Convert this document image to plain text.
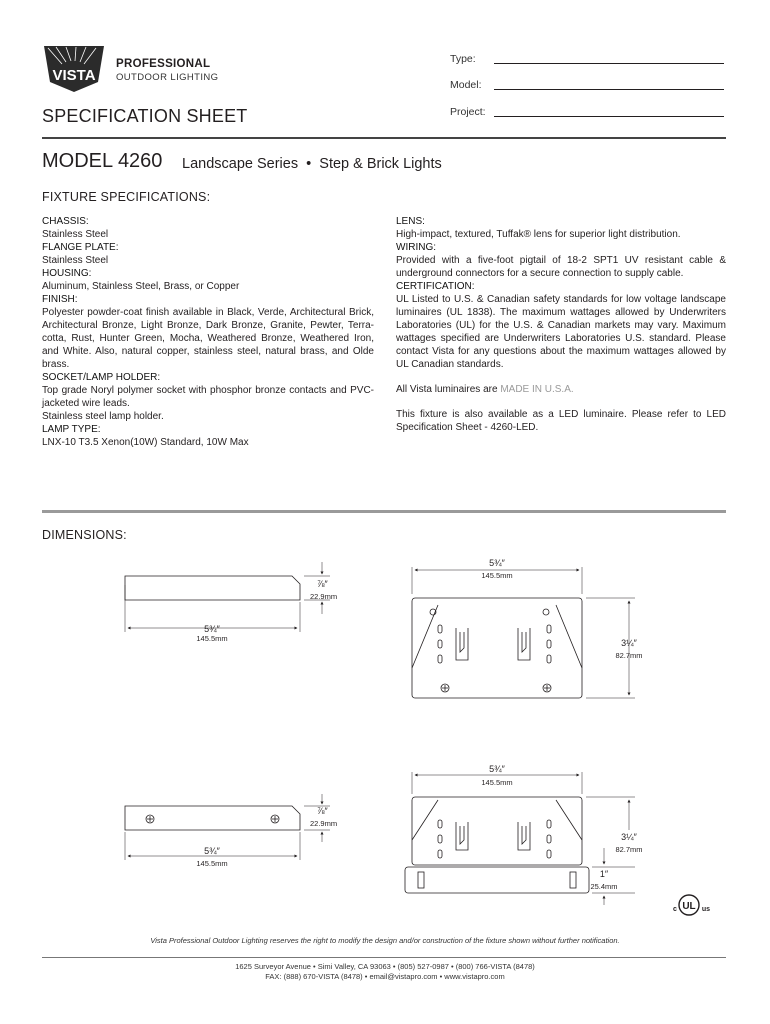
VISTA
PROFESSIONAL
OUTDOOR LIGHTING
Type:
Model:
Project:
SPECIFICATION SHEET
MODEL 4260 Landscape Series  •  Step & Brick Lights
FIXTURE SPECIFICATIONS:

CHASSIS:

Stainless Steel

FLANGE PLATE:

Stainless Steel

HOUSING:

Aluminum, Stainless Steel, Brass, or Copper

FINISH:

Polyester powder-coat finish available in Black, Verde, Architectural Brick, Architectural Bronze, Light Bronze, Dark Bronze, Granite, Pewter, Terra-cotta, Rust, Hunter Green, Mocha, Weathered Bronze, Weathered Iron, and White. Also, natural copper, stainless steel, natural brass, and Olde brass.

SOCKET/LAMP HOLDER:

Top grade Noryl polymer socket with phosphor bronze contacts and PVC-jacketed wire leads.

Stainless steel lamp holder.

LAMP TYPE:

LNX-10 T3.5 Xenon(10W) Standard, 10W Max

LENS:

High-impact, textured, Tuffak® lens for superior light distribution.

WIRING:

Provided with a five-foot pigtail of 18-2 SPT1 UV resistant cable & underground connectors for a secure connection to supply cable.

CERTIFICATION:

UL Listed to U.S. & Canadian safety standards for low voltage landscape luminaires (UL 1838). The maximum wattages allowed by Underwriters Laboratories (UL) for the U.S. & Canadian markets may vary. Maximum wattages specified are Underwriters Laboratories U.S. standard. Please contact Vista for any questions about the maximum wattages allowed by UL Canadian standards.

All Vista luminaires are MADE IN U.S.A.

This fixture is also available as a LED luminaire. Please refer to LED Specification Sheet - 4260-LED.

DIMENSIONS:
⅞″
22.9mm
5¾″
145.5mm
5¾″
145.5mm
3¼″
82.7mm
⅞″
22.9mm
5¾″
145.5mm
5¾″
145.5mm
3¼″
82.7mm
1″
25.4mm
UL
c	us
Vista Professional Outdoor Lighting reserves the right to modify the design and/or construction of the fixture shown without further notification.
1625 Surveyor Avenue • Simi Valley, CA 93063 • (805) 527-0987 • (800) 766-VISTA (8478)
FAX: (888) 670-VISTA (8478) • email@vistapro.com • www.vistapro.com
